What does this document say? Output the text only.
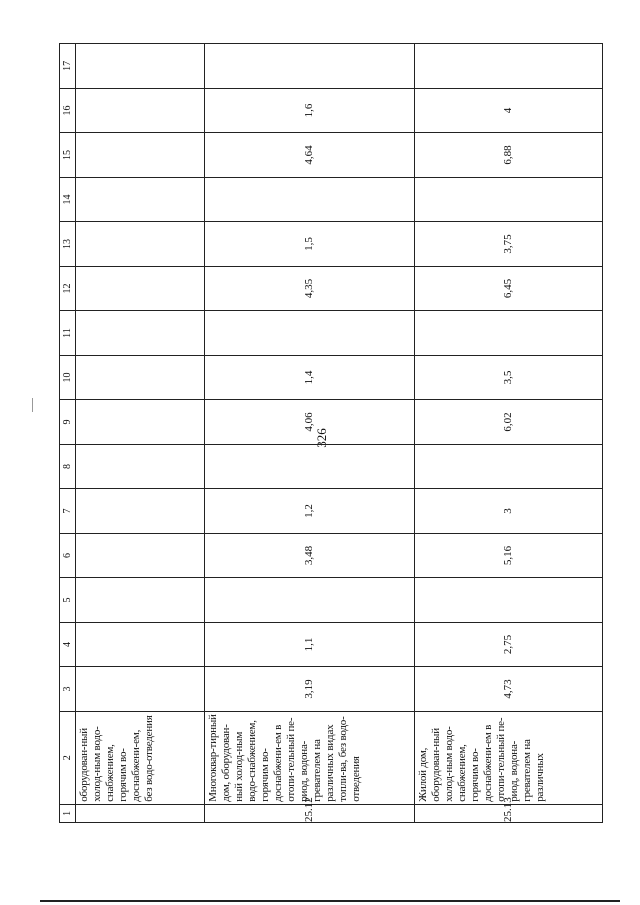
326
1	2	3	4	5	6	7	8	9	10	11	12	13	14	15	16	17
	оборудован-ный холод-ным водо-снабжением, горячим во-доснабжени-ем, без водо-отведения															
25.12	Многоквар-тирный дом, оборудован-ный холод-ным водо-снабжением, горячим во-доснабжени-ем в отопи-тельный пе-риод, водона-гревателем на различных видах топли-ва, без водо-отведения	3,19	1,1		3,48	1,2		4,06	1,4		4,35	1,5		4,64	1,6	
25.13	Жилой дом, оборудован-ный холод-ным водо-снабжением, горячим во-доснабжени-ем в отопи-тельный пе-риод, водона-гревателем на различных	4,73	2,75		5,16	3		6,02	3,5		6,45	3,75		6,88	4	
